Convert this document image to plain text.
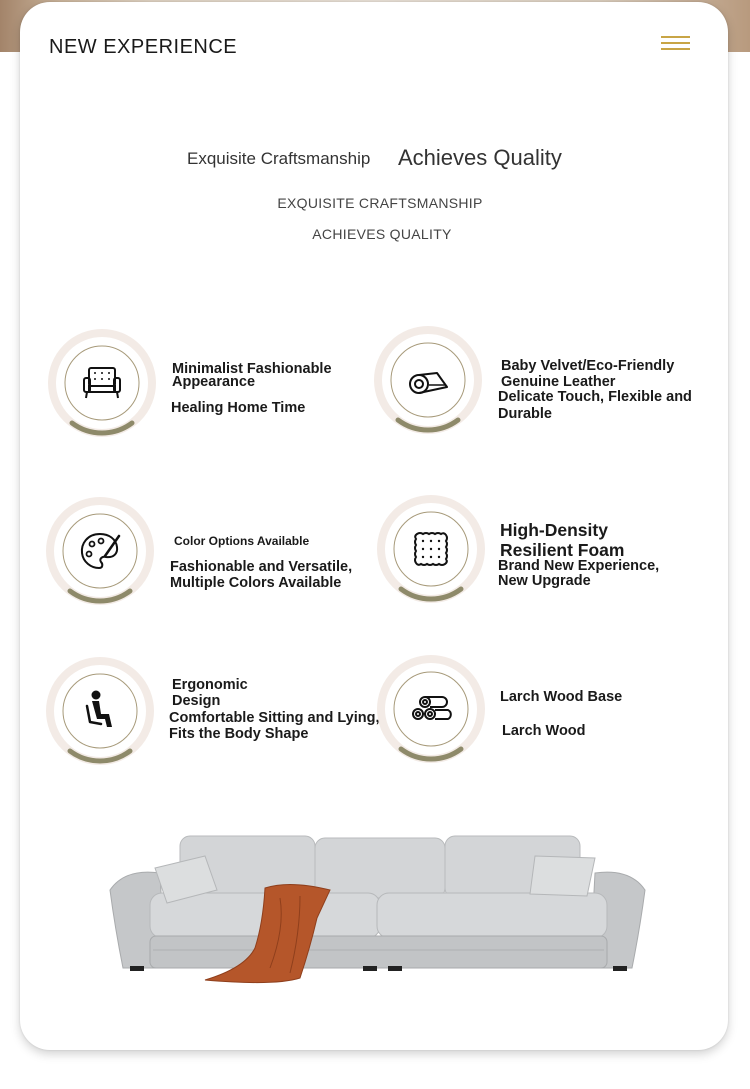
NEW EXPERIENCE
Exquisite Craftsmanship Achieves Quality
EXQUISITE CRAFTSMANSHIP
ACHIEVES QUALITY
Minimalist Fashionable
Appearance
Healing Home Time
Baby Velvet/Eco-Friendly
Genuine Leather
Delicate Touch, Flexible and
Durable
Color Options Available
Fashionable and Versatile,
Multiple Colors Available
High-Density
Resilient Foam
Brand New Experience,
New Upgrade
Ergonomic
Design
Comfortable Sitting and Lying,
Fits the Body Shape
Larch Wood Base
Larch Wood
